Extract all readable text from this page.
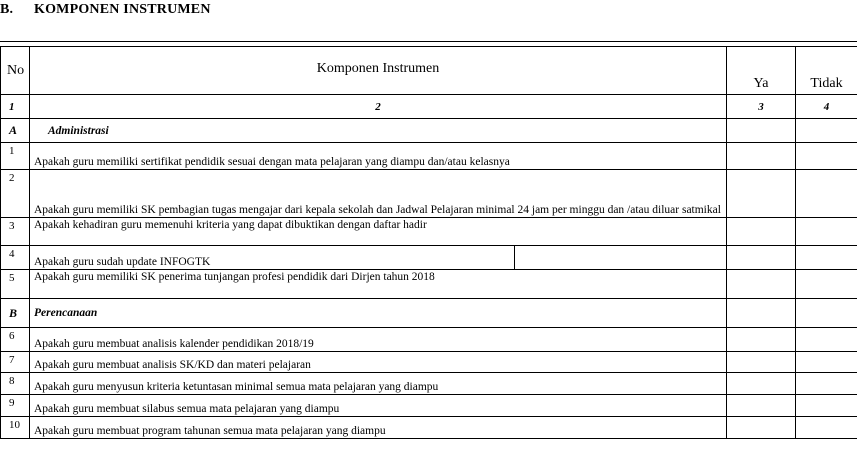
B. KOMPONEN INSTRUMEN
No	Komponen Instrumen	Ya	Tidak
1	2	3	4
A	Administrasi		
1	Apakah guru memiliki sertifikat pendidik sesuai dengan mata pelajaran yang diampu dan/atau kelasnya		

2	Apakah guru memiliki SK pembagian tugas mengajar dari kepala sekolah dan Jadwal Pelajaran minimal 24 jam per minggu dan /atau diluar satmikal		

3	Apakah kehadiran guru memenuhi kriteria yang dapat dibuktikan dengan daftar hadir		

4	Apakah guru sudah update INFOGTK		

5	Apakah guru memiliki SK penerima tunjangan profesi pendidik dari Dirjen tahun 2018		

B	Perencanaan		
6	Apakah guru membuat analisis kalender pendidikan 2018/19		

7	Apakah guru membuat analisis SK/KD dan materi pelajaran		

8	Apakah guru menyusun kriteria ketuntasan minimal semua mata pelajaran yang diampu		

9	Apakah guru membuat silabus semua mata pelajaran yang diampu		

10	Apakah guru membuat program tahunan semua mata pelajaran yang diampu		
